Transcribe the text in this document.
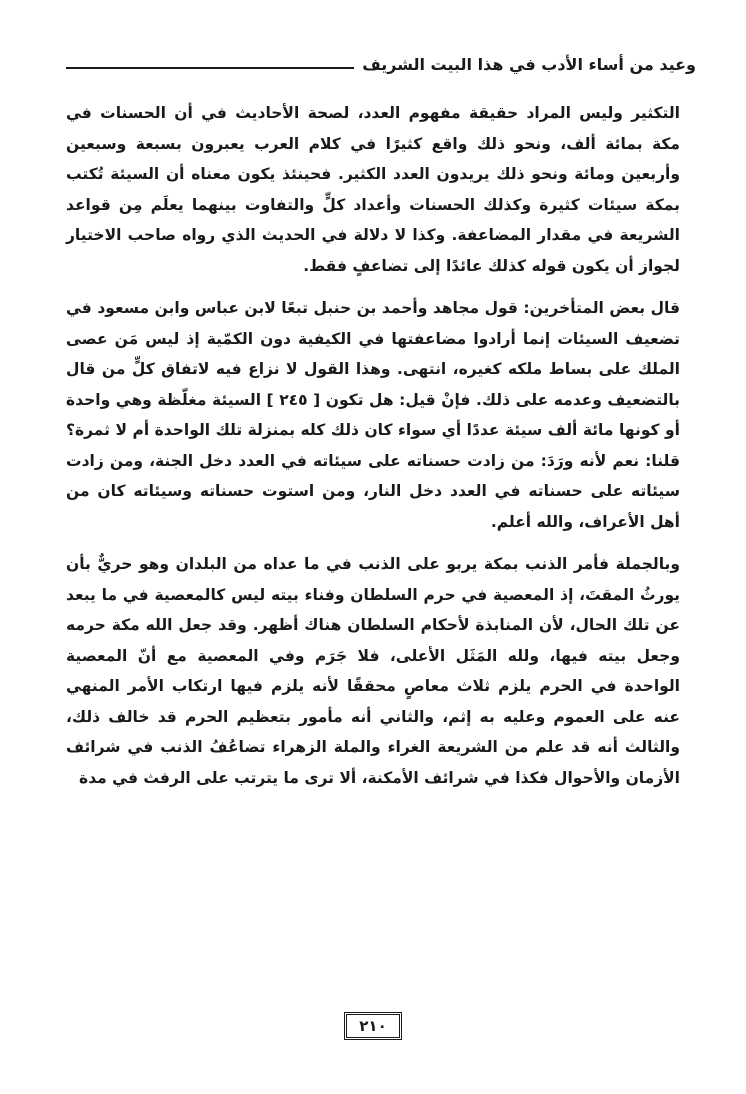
وعيد من أساء الأدب في هذا البيت الشريف

التكثير وليس المراد حقيقة مفهوم العدد، لصحة الأحاديث في أن الحسنات في مكة بمائة ألف، ونحو ذلك واقع كثيرًا في كلام العرب يعبرون بسبعة وسبعين وأربعين ومائة ونحو ذلك يريدون العدد الكثير. فحينئذ يكون معناه أن السيئة تُكتب بمكة سيئات كثيرة وكذلك الحسنات وأعداد كلٍّ والتفاوت بينهما يعلَم مِن قواعد الشريعة في مقدار المضاعفة. وكذا لا دلالة في الحديث الذي رواه صاحب الاختيار لجواز أن يكون قوله كذلك عائدًا إلى تضاعفٍ فقط.

قال بعض المتأخرين: قول مجاهد وأحمد بن حنبل تبعًا لابن عباس وابن مسعود في تضعيف السيئات إنما أرادوا مضاعفتها في الكيفية دون الكمّية إذ ليس مَن عصى الملك على بساط ملكه كغيره، انتهى. وهذا القول لا نزاع فيه لاتفاق كلٍّ من قال بالتضعيف وعدمه على ذلك. فإنْ قيل: هل تكون [ ٢٤٥ ] السيئة مغلّظة وهي واحدة أو كونها مائة ألف سيئة عددًا أي سواء كان ذلك كله بمنزلة تلك الواحدة أم لا ثمرة؟ قلنا: نعم لأنه ورَدَ: من زادت حسناته على سيئاته في العدد دخل الجنة، ومن زادت سيئاته على حسناته في العدد دخل النار، ومن استوت حسناته وسيئاته كان من أهل الأعراف، والله أعلم.

وبالجملة فأمر الذنب بمكة يربو على الذنب في ما عداه من البلدان وهو حريٌّ بأن يورثُ المقتَ، إذ المعصية في حرم السلطان وفناء بيته ليس كالمعصية في ما يبعد عن تلك الحال، لأن المنابذة لأحكام السلطان هناك أظهر. وقد جعل الله مكة حرمه وجعل بيته فيها، ولله المَثَل الأعلى، فلا جَرَم وفي المعصية مع أنّ المعصية الواحدة في الحرم يلزم ثلاث معاصٍ محققًا لأنه يلزم فيها ارتكاب الأمر المنهي عنه على العموم وعليه به إثم، والثاني أنه مأمور بتعظيم الحرم قد خالف ذلك، والثالث أنه قد علم من الشريعة الغراء والملة الزهراء تضاعُفُ الذنب في شرائف الأزمان والأحوال فكذا في شرائف الأمكنة، ألا ترى ما يترتب على الرفث في مدة

٢١٠
